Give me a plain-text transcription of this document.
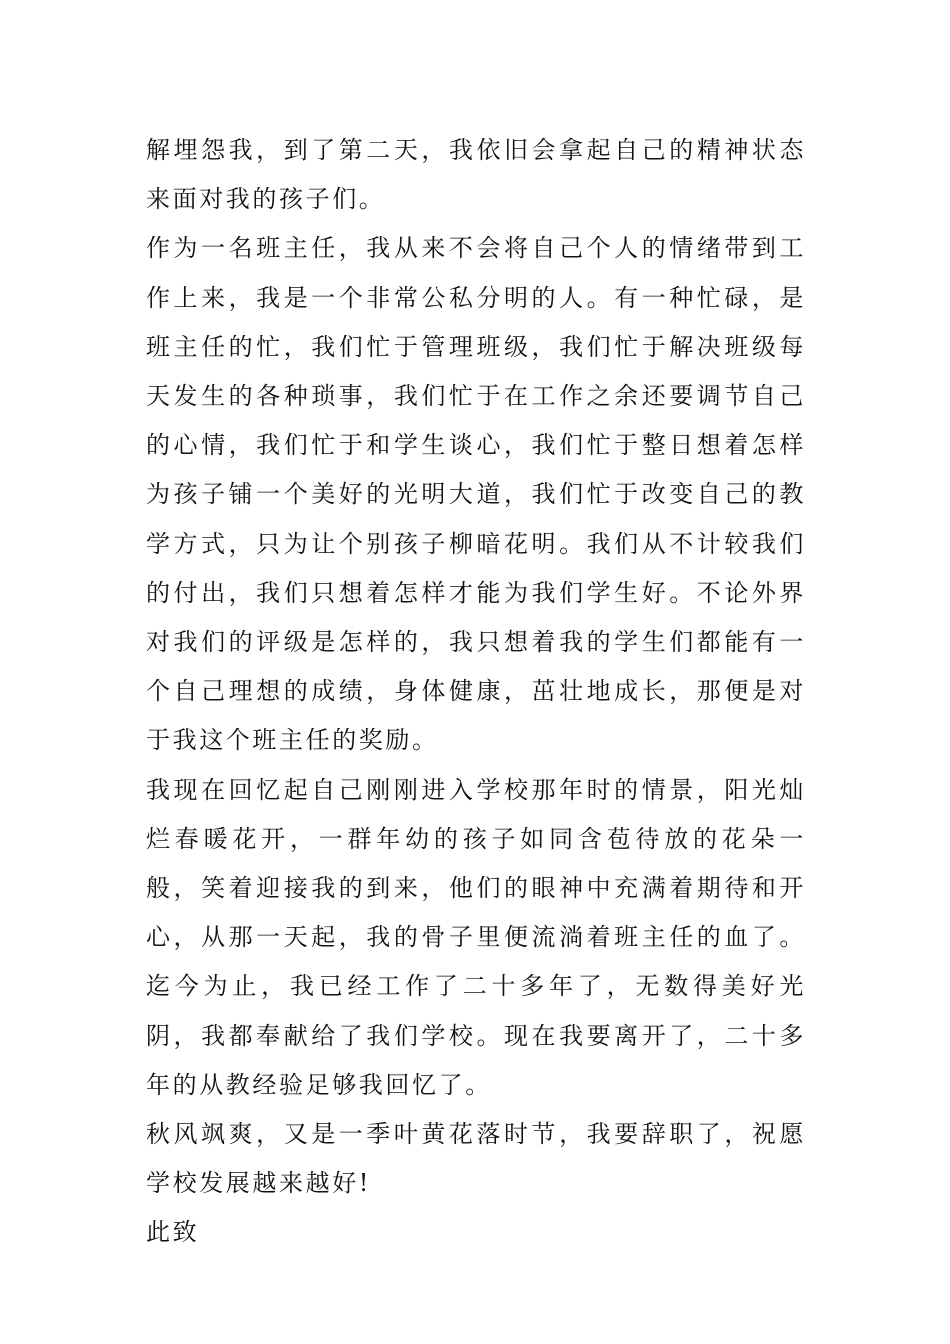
解埋怨我，到了第二天，我依旧会拿起自己的精神状态来面对我的孩子们。

作为一名班主任，我从来不会将自己个人的情绪带到工作上来，我是一个非常公私分明的人。有一种忙碌，是班主任的忙，我们忙于管理班级，我们忙于解决班级每天发生的各种琐事，我们忙于在工作之余还要调节自己的心情，我们忙于和学生谈心，我们忙于整日想着怎样为孩子铺一个美好的光明大道，我们忙于改变自己的教学方式，只为让个别孩子柳暗花明。我们从不计较我们的付出，我们只想着怎样才能为我们学生好。不论外界对我们的评级是怎样的，我只想着我的学生们都能有一个自己理想的成绩，身体健康，茁壮地成长，那便是对于我这个班主任的奖励。

我现在回忆起自己刚刚进入学校那年时的情景，阳光灿烂春暖花开，一群年幼的孩子如同含苞待放的花朵一般，笑着迎接我的到来，他们的眼神中充满着期待和开心，从那一天起，我的骨子里便流淌着班主任的血了。迄今为止，我已经工作了二十多年了，无数得美好光阴，我都奉献给了我们学校。现在我要离开了，二十多年的从教经验足够我回忆了。

秋风飒爽，又是一季叶黄花落时节，我要辞职了，祝愿学校发展越来越好!

此致
